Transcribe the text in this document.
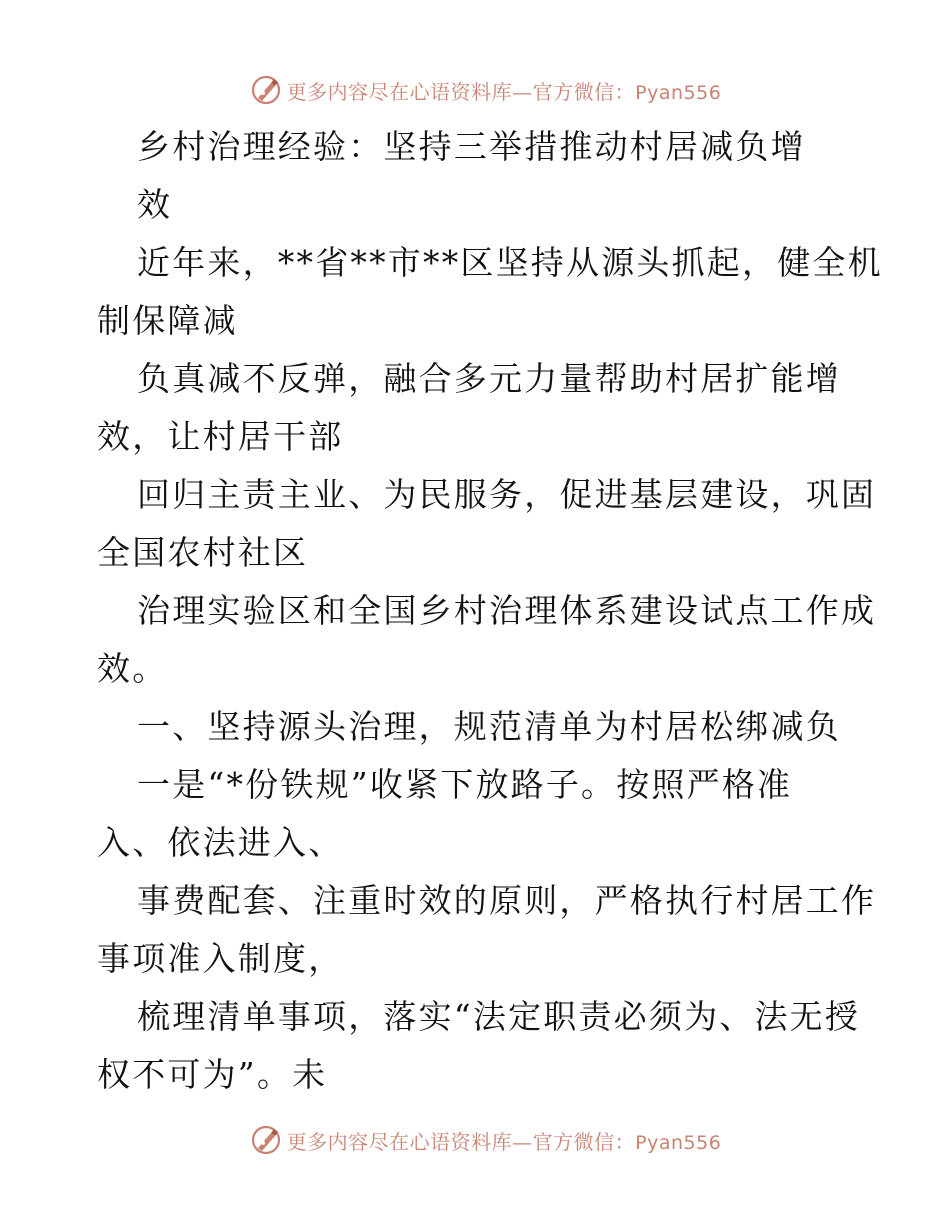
更多内容尽在心语资料库—官方微信：Pyan556
乡村治理经验：坚持三举措推动村居减负增
效
近年来，**省**市**区坚持从源头抓起，健全机
制保障减
负真减不反弹，融合多元力量帮助村居扩能增
效，让村居干部
回归主责主业、为民服务，促进基层建设，巩固
全国农村社区
治理实验区和全国乡村治理体系建设试点工作成
效。
一、坚持源头治理，规范清单为村居松绑减负
一是“*份铁规”收紧下放路子。按照严格准
入、依法进入、
事费配套、注重时效的原则，严格执行村居工作
事项准入制度，
梳理清单事项，落实“法定职责必须为、法无授
权不可为”。未
更多内容尽在心语资料库—官方微信：Pyan556
